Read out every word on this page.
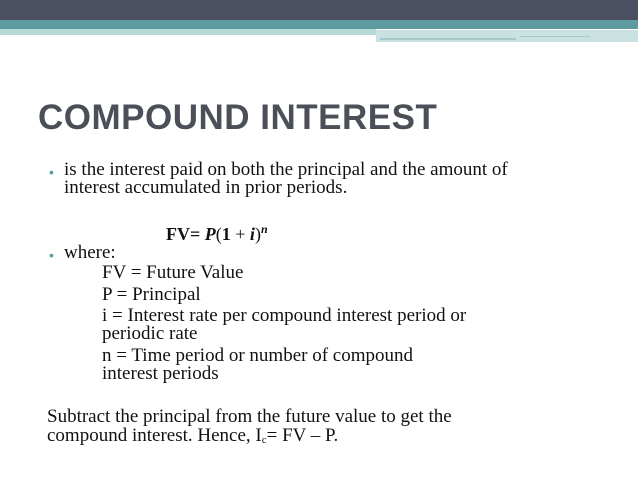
COMPOUND INTEREST
• is the interest paid on both the principal and the amount of
interest accumulated in prior periods.
$FV= P(1 + i)^n$
• where:
FV = Future Value
P = Principal
i = Interest rate per compound interest period or
periodic rate
n = Time period or number of compound
interest periods
Subtract the principal from the future value to get the
compound interest. Hence, Ic= FV – P.
